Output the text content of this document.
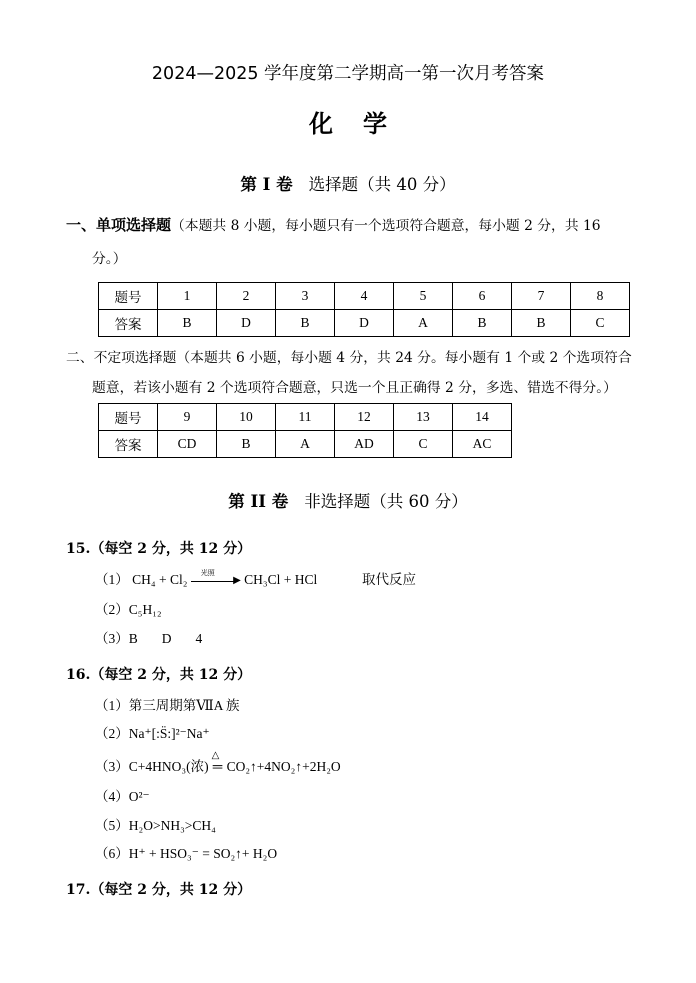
2024—2025 学年度第二学期高一第一次月考答案
化学
第 I 卷 选择题（共 40 分）
一、单项选择题（本题共 8 小题，每小题只有一个选项符合题意，每小题 2 分，共 16
分。）
题号	1	2	3	4	5	6	7	8
答案	B	D	B	D	A	B	B	C
二、不定项选择题（本题共 6 小题，每小题 4 分，共 24 分。每小题有 1 个或 2 个选项符合
题意，若该小题有 2 个选项符合题意，只选一个且正确得 2 分，多选、错选不得分。）
题号	9	10	11	12	13	14
答案	CD	B	A	AD	C	AC
第 II 卷 非选择题（共 60 分）
15.（每空 2 分，共 12 分）
（1） CH₄ + Cl₂ 光照
▶ CH₃Cl + HCl	取代反应
（2）C₅H₁₂
（3）B D 4
16.（每空 2 分，共 12 分）
（1）第三周期第ⅦA 族
（2）Na⁺[:S̈:]²⁻Na⁺
（3）C+4HNO₃(浓)
△
═ CO₂↑+4NO₂↑+2H₂O
（4）O²⁻
（5）H₂O>NH₃>CH₄
（6）H⁺ + HSO₃⁻ = SO₂↑+ H₂O
17.（每空 2 分，共 12 分）
